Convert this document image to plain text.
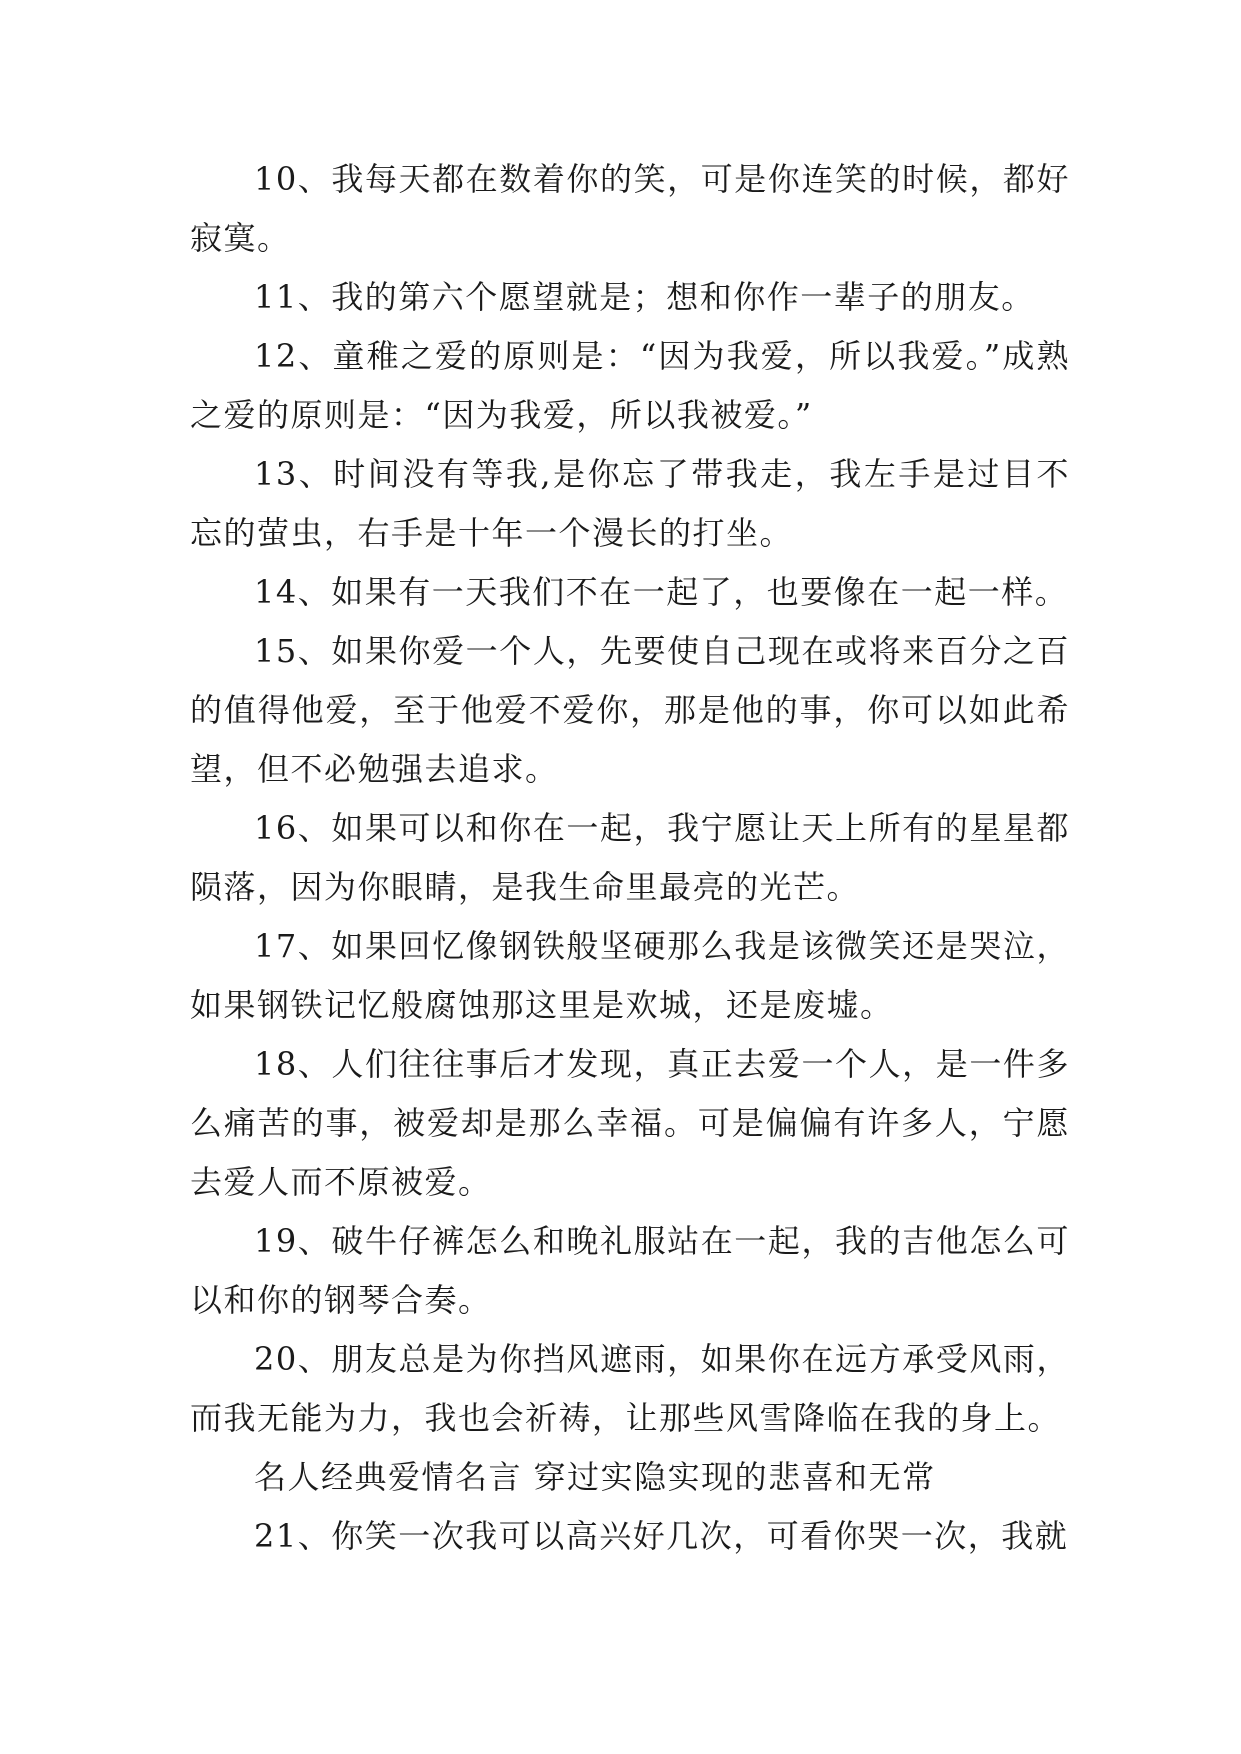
10、我每天都在数着你的笑，可是你连笑的时候，都好寂寞。

11、我的第六个愿望就是；想和你作一辈子的朋友。

12、童稚之爱的原则是：“因为我爱，所以我爱。”成熟之爱的原则是：“因为我爱，所以我被爱。”

13、时间没有等我,是你忘了带我走，我左手是过目不忘的萤虫，右手是十年一个漫长的打坐。

14、如果有一天我们不在一起了，也要像在一起一样。

15、如果你爱一个人，先要使自己现在或将来百分之百的值得他爱，至于他爱不爱你，那是他的事，你可以如此希望，但不必勉强去追求。

16、如果可以和你在一起，我宁愿让天上所有的星星都陨落，因为你眼睛，是我生命里最亮的光芒。

17、如果回忆像钢铁般坚硬那么我是该微笑还是哭泣，如果钢铁记忆般腐蚀那这里是欢城，还是废墟。

18、人们往往事后才发现，真正去爱一个人，是一件多么痛苦的事，被爱却是那么幸福。可是偏偏有许多人，宁愿去爱人而不原被爱。

19、破牛仔裤怎么和晚礼服站在一起，我的吉他怎么可以和你的钢琴合奏。

20、朋友总是为你挡风遮雨，如果你在远方承受风雨，而我无能为力，我也会祈祷，让那些风雪降临在我的身上。

名人经典爱情名言 穿过实隐实现的悲喜和无常

21、你笑一次我可以高兴好几次，可看你哭一次，我就
